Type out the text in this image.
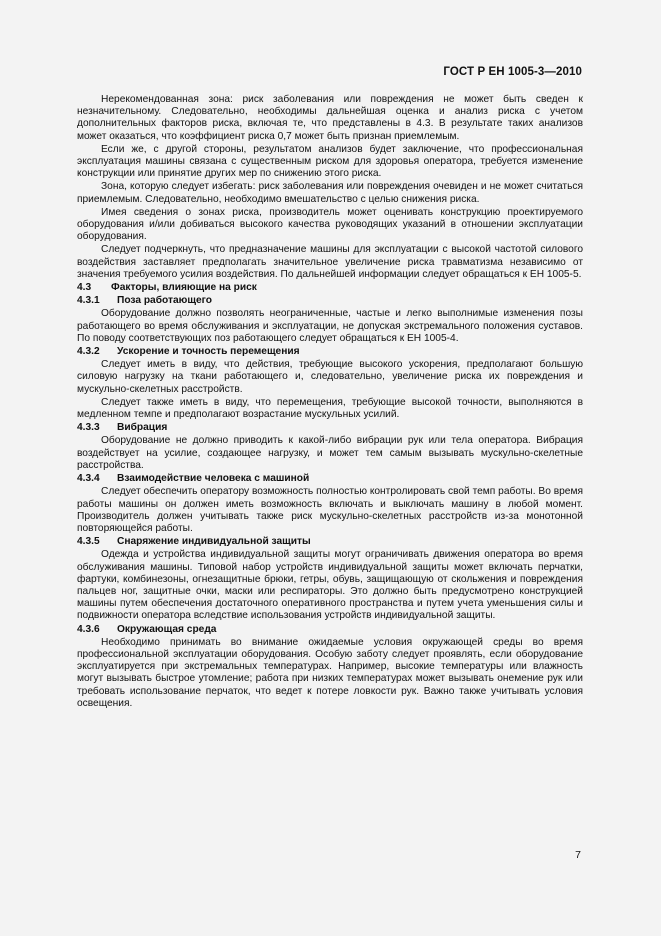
ГОСТ Р ЕН 1005-3—2010

Нерекомендованная зона: риск заболевания или повреждения не может быть сведен к незначительному. Следовательно, необходимы дальнейшая оценка и анализ риска с учетом дополнительных факторов риска, включая те, что представлены в 4.3. В результате таких анализов может оказаться, что коэффициент риска 0,7 может быть признан приемлемым.

Если же, с другой стороны, результатом анализов будет заключение, что профессиональная эксплуатация машины связана с существенным риском для здоровья оператора, требуется изменение конструкции или принятие других мер по снижению этого риска.

Зона, которую следует избегать: риск заболевания или повреждения очевиден и не может считаться приемлемым. Следовательно, необходимо вмешательство с целью снижения риска.

Имея сведения о зонах риска, производитель может оценивать конструкцию проектируемого оборудования и/или добиваться высокого качества руководящих указаний в отношении эксплуатации оборудования.

Следует подчеркнуть, что предназначение машины для эксплуатации с высокой частотой силового воздействия заставляет предполагать значительное увеличение риска травматизма независимо от значения требуемого усилия воздействия. По дальнейшей информации следует обращаться к ЕН 1005-5.

4.3 Факторы, влияющие на риск

4.3.1 Поза работающего

Оборудование должно позволять неограниченные, частые и легко выполнимые изменения позы работающего во время обслуживания и эксплуатации, не допуская экстремального положения суставов. По поводу соответствующих поз работающего следует обращаться к ЕН 1005-4.

4.3.2 Ускорение и точность перемещения

Следует иметь в виду, что действия, требующие высокого ускорения, предполагают большую силовую нагрузку на ткани работающего и, следовательно, увеличение риска их повреждения и мускульно-скелетных расстройств.

Следует также иметь в виду, что перемещения, требующие высокой точности, выполняются в медленном темпе и предполагают возрастание мускульных усилий.

4.3.3 Вибрация

Оборудование не должно приводить к какой-либо вибрации рук или тела оператора. Вибрация воздействует на усилие, создающее нагрузку, и может тем самым вызывать мускульно-скелетные расстройства.

4.3.4 Взаимодействие человека с машиной

Следует обеспечить оператору возможность полностью контролировать свой темп работы. Во время работы машины он должен иметь возможность включать и выключать машину в любой момент. Производитель должен учитывать также риск мускульно-скелетных расстройств из-за монотонной повторяющейся работы.

4.3.5 Снаряжение индивидуальной защиты

Одежда и устройства индивидуальной защиты могут ограничивать движения оператора во время обслуживания машины. Типовой набор устройств индивидуальной защиты может включать перчатки, фартуки, комбинезоны, огнезащитные брюки, гетры, обувь, защищающую от скольжения и повреждения пальцев ног, защитные очки, маски или респираторы. Это должно быть предусмотрено конструкцией машины путем обеспечения достаточного оперативного пространства и путем учета уменьшения силы и подвижности оператора вследствие использования устройств индивидуальной защиты.

4.3.6 Окружающая среда

Необходимо принимать во внимание ожидаемые условия окружающей среды во время профессиональной эксплуатации оборудования. Особую заботу следует проявлять, если оборудование эксплуатируется при экстремальных температурах. Например, высокие температуры или влажность могут вызывать быстрое утомление; работа при низких температурах может вызывать онемение рук или требовать использование перчаток, что ведет к потере ловкости рук. Важно также учитывать условия освещения.

7
